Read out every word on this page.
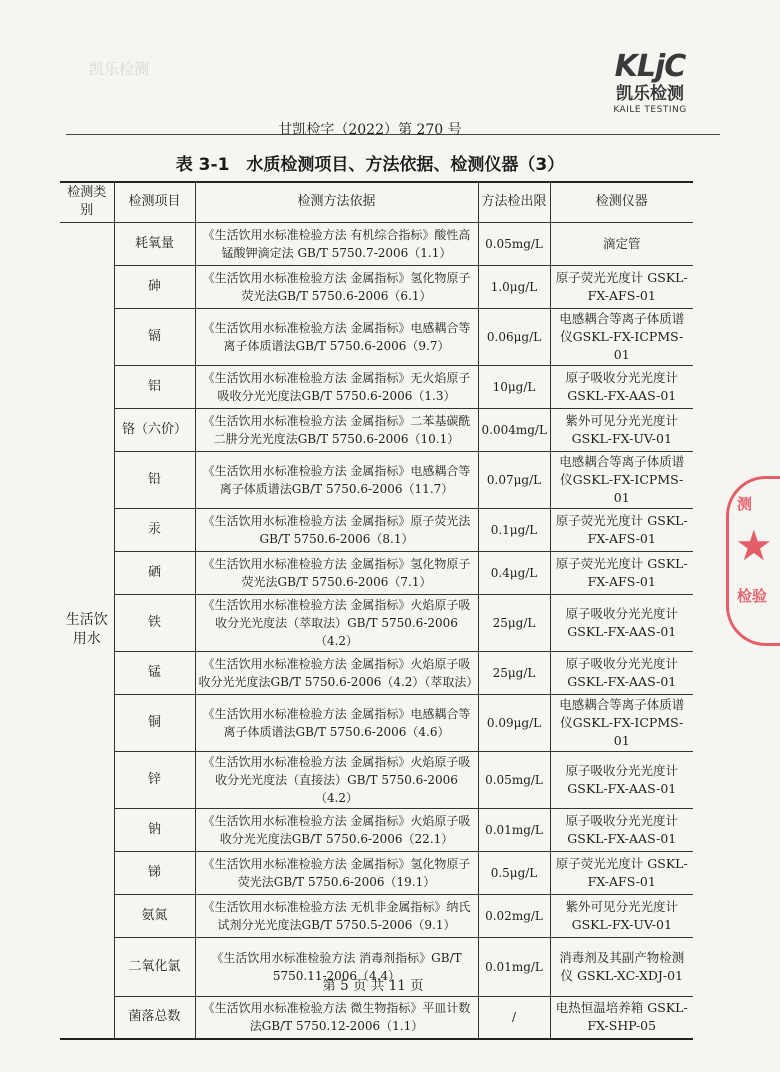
凯乐检测	KLjC
凯乐检测
KAILE TESTING
甘凯检字（2022）第 270 号
表 3-1　水质检测项目、方法依据、检测仪器（3）
检测类别	检测项目	检测方法依据	方法检出限	检测仪器
生活饮用水	耗氧量	《生活饮用水标准检验方法 有机综合指标》酸性高锰酸钾滴定法 GB/T 5750.7-2006（1.1）	0.05mg/L	滴定管
	砷	《生活饮用水标准检验方法 金属指标》氢化物原子荧光法GB/T 5750.6-2006（6.1）	1.0μg/L	原子荧光光度计 GSKL-FX-AFS-01
	镉	《生活饮用水标准检验方法 金属指标》电感耦合等离子体质谱法GB/T 5750.6-2006（9.7）	0.06μg/L	电感耦合等离子体质谱仪GSKL-FX-ICPMS-01
	铝	《生活饮用水标准检验方法 金属指标》无火焰原子吸收分光光度法GB/T 5750.6-2006（1.3）	10μg/L	原子吸收分光光度计 GSKL-FX-AAS-01
	铬（六价）	《生活饮用水标准检验方法 金属指标》二苯基碳酰二肼分光光度法GB/T 5750.6-2006（10.1）	0.004mg/L	紫外可见分光光度计 GSKL-FX-UV-01
	铅	《生活饮用水标准检验方法 金属指标》电感耦合等离子体质谱法GB/T 5750.6-2006（11.7）	0.07μg/L	电感耦合等离子体质谱仪GSKL-FX-ICPMS-01
	汞	《生活饮用水标准检验方法 金属指标》原子荧光法GB/T 5750.6-2006（8.1）	0.1μg/L	原子荧光光度计 GSKL-FX-AFS-01
	硒	《生活饮用水标准检验方法 金属指标》氢化物原子荧光法GB/T 5750.6-2006（7.1）	0.4μg/L	原子荧光光度计 GSKL-FX-AFS-01
	铁	《生活饮用水标准检验方法 金属指标》火焰原子吸收分光光度法（萃取法）GB/T 5750.6-2006（4.2）	25μg/L	原子吸收分光光度计 GSKL-FX-AAS-01
	锰	《生活饮用水标准检验方法 金属指标》火焰原子吸收分光光度法GB/T 5750.6-2006（4.2）（萃取法）	25μg/L	原子吸收分光光度计 GSKL-FX-AAS-01
	铜	《生活饮用水标准检验方法 金属指标》电感耦合等离子体质谱法GB/T 5750.6-2006（4.6）	0.09μg/L	电感耦合等离子体质谱仪GSKL-FX-ICPMS-01
	锌	《生活饮用水标准检验方法 金属指标》火焰原子吸收分光光度法（直接法）GB/T 5750.6-2006（4.2）	0.05mg/L	原子吸收分光光度计 GSKL-FX-AAS-01
	钠	《生活饮用水标准检验方法 金属指标》火焰原子吸收分光光度法GB/T 5750.6-2006（22.1）	0.01mg/L	原子吸收分光光度计 GSKL-FX-AAS-01
	锑	《生活饮用水标准检验方法 金属指标》氢化物原子荧光法GB/T 5750.6-2006（19.1）	0.5μg/L	原子荧光光度计 GSKL-FX-AFS-01
	氨氮	《生活饮用水标准检验方法 无机非金属指标》纳氏试剂分光光度法GB/T 5750.5-2006（9.1）	0.02mg/L	紫外可见分光光度计 GSKL-FX-UV-01
	二氧化氯	《生活饮用水标准检验方法 消毒剂指标》GB/T 5750.11-2006（4.4）	0.01mg/L	消毒剂及其副产物检测仪 GSKL-XC-XDJ-01
	菌落总数	《生活饮用水标准检验方法 微生物指标》平皿计数法GB/T 5750.12-2006（1.1）	/	电热恒温培养箱 GSKL-FX-SHP-05
第 5 页 共 11 页
测
★
检验
